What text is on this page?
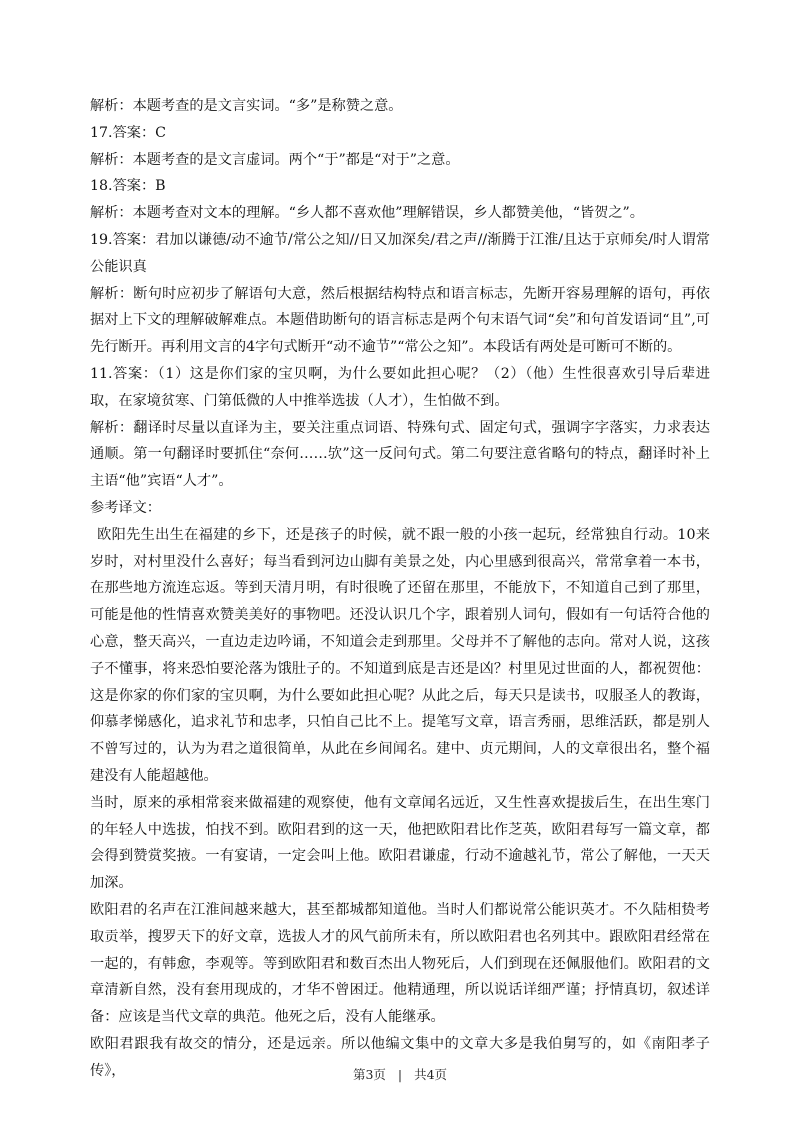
解析：本题考查的是文言实词。“多”是称赞之意。

17.答案：C

解析：本题考查的是文言虚词。两个“于”都是“对于”之意。

18.答案：B

解析：本题考查对文本的理解。“乡人都不喜欢他”理解错误，乡人都赞美他，“皆贺之”。

19.答案：君加以谦德/动不逾节/常公之知//日又加深矣/君之声//渐腾于江淮/且达于京师矣/时人谓常公能识真

解析：断句时应初步了解语句大意，然后根据结构特点和语言标志，先断开容易理解的语句，再依据对上下文的理解破解难点。本题借助断句的语言标志是两个句末语气词“矣”和句首发语词“且”,可先行断开。再利用文言的4字句式断开“动不逾节”“常公之知”。本段话有两处是可断可不断的。

11.答案：（1）这是你们家的宝贝啊，为什么要如此担心呢？（2）（他）生性很喜欢引导后辈进取，在家境贫寒、门第低微的人中推举选拔（人才），生怕做不到。

解析：翻译时尽量以直译为主，要关注重点词语、特殊句式、固定句式，强调字字落实，力求表达通顺。第一句翻译时要抓住“奈何……欤”这一反问句式。第二句要注意省略句的特点，翻译时补上主语“他”宾语“人才”。

参考译文：

欧阳先生出生在福建的乡下，还是孩子的时候，就不跟一般的小孩一起玩，经常独自行动。10来岁时，对村里没什么喜好；每当看到河边山脚有美景之处，内心里感到很高兴，常常拿着一本书，在那些地方流连忘返。等到天清月明，有时很晚了还留在那里，不能放下，不知道自己到了那里，可能是他的性情喜欢赞美美好的事物吧。还没认识几个字，跟着别人词句，假如有一句话符合他的心意，整天高兴，一直边走边吟诵，不知道会走到那里。父母并不了解他的志向。常对人说，这孩子不懂事，将来恐怕要沦落为饿肚子的。不知道到底是吉还是凶？村里见过世面的人，都祝贺他：这是你家的你们家的宝贝啊，为什么要如此担心呢？从此之后，每天只是读书，叹服圣人的教诲，仰慕孝悌感化，追求礼节和忠孝，只怕自己比不上。提笔写文章，语言秀丽，思维活跃，都是别人不曾写过的，认为为君之道很简单，从此在乡间闻名。建中、贞元期间，人的文章很出名，整个福建没有人能超越他。

当时，原来的承相常衮来做福建的观察使，他有文章闻名远近，又生性喜欢提拔后生，在出生寒门的年轻人中选拔，怕找不到。欧阳君到的这一天，他把欧阳君比作芝英，欧阳君每写一篇文章，都会得到赞赏奖掖。一有宴请，一定会叫上他。欧阳君谦虚，行动不逾越礼节，常公了解他，一天天加深。

欧阳君的名声在江淮间越来越大，甚至都城都知道他。当时人们都说常公能识英才。不久陆相贽考取贡举，搜罗天下的好文章，选拔人才的风气前所未有，所以欧阳君也名列其中。跟欧阳君经常在一起的，有韩愈，李观等。等到欧阳君和数百杰出人物死后，人们到现在还佩服他们。欧阳君的文章清新自然，没有套用现成的，才华不曾困迂。他精通理，所以说话详细严谨；抒情真切，叙述详备：应该是当代文章的典范。他死之后，没有人能继承。

欧阳君跟我有故交的情分，还是远亲。所以他编文集中的文章大多是我伯舅写的，如《南阳孝子传》，	第3页 | 共4页
